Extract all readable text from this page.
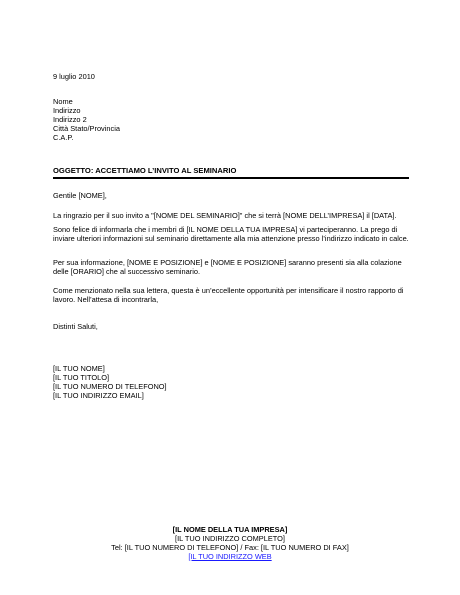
9 luglio 2010
Nome
Indirizzo
Indirizzo 2
Città Stato/Provincia
C.A.P.
OGGETTO: ACCETTIAMO L’INVITO AL SEMINARIO
Gentile [NOME],
La ringrazio per il suo invito a "[NOME DEL SEMINARIO]" che si terrà [NOME DELL’IMPRESA] il [DATA].
Sono felice di informarla che i membri di [IL NOME DELLA TUA IMPRESA] vi parteciperanno. La prego di inviare ulteriori informazioni sul seminario direttamente alla mia attenzione presso l’indirizzo indicato in calce.
Per sua informazione, [NOME E POSIZIONE] e [NOME E POSIZIONE] saranno presenti sia alla colazione delle [ORARIO] che al successivo seminario.
Come menzionato nella sua lettera, questa è un’eccellente opportunità per intensificare il nostro rapporto di lavoro. Nell’attesa di incontrarla,
Distinti Saluti,
[IL TUO NOME]
[IL TUO TITOLO]
[IL TUO NUMERO DI TELEFONO]
[IL TUO INDIRIZZO EMAIL]
[IL NOME DELLA TUA IMPRESA]
[IL TUO INDIRIZZO COMPLETO]
Tel: [IL TUO NUMERO DI TELEFONO] / Fax: [IL TUO NUMERO DI FAX]
[IL TUO INDIRIZZO WEB
